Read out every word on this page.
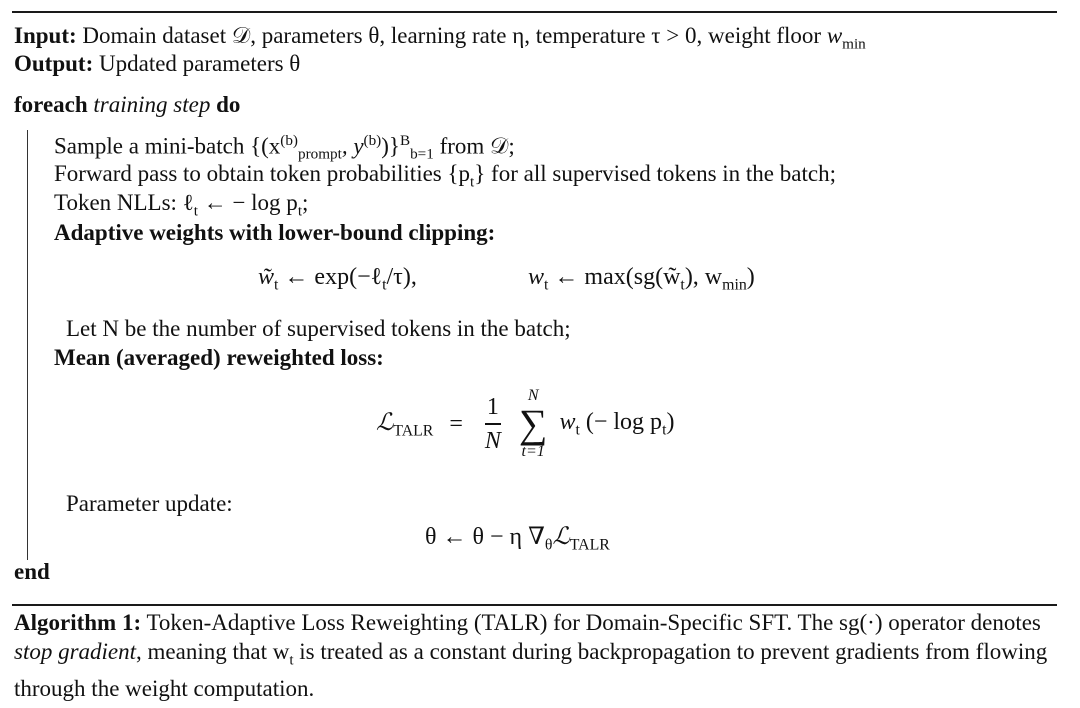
Input: Domain dataset 𝒟, parameters θ, learning rate η, temperature τ > 0, weight floor $w_{min}$
Output: Updated parameters θ
foreach training step do
Sample a mini-batch {($x^{(b)}_{prompt}$, $y^{(b)})\}^B_{b=1}$ from 𝒟;
Forward pass to obtain token probabilities $\{p_t\}$ for all supervised tokens in the batch;
Token NLLs: ℓ$_t$ ← − $\log p_t$;
Adaptive weights with lower-bound clipping:
$w̃_t$ ← exp(−ℓ$_t$/τ),	$w_t$ ← $\max(sg(w̃_t)$, $w_{min}$)
Let N be the number of supervised tokens in the batch;
Mean (averaged) reweighted loss:
ℒ$_{TALR}$ = $\frac{1}{N}$
	N
∑
t=1
$w_t$ (− $\log p_t$)
Parameter update:
θ ← θ − η $\nabla_\theta ℒ_{TALR}$
end
Algorithm 1: Token-Adaptive Loss Reweighting (TALR) for Domain-Specific SFT. The sg(·) operator denotes stop gradient, meaning that $w_t$ is treated as a constant during backpropagation to prevent gradients from flowing through the weight computation.
